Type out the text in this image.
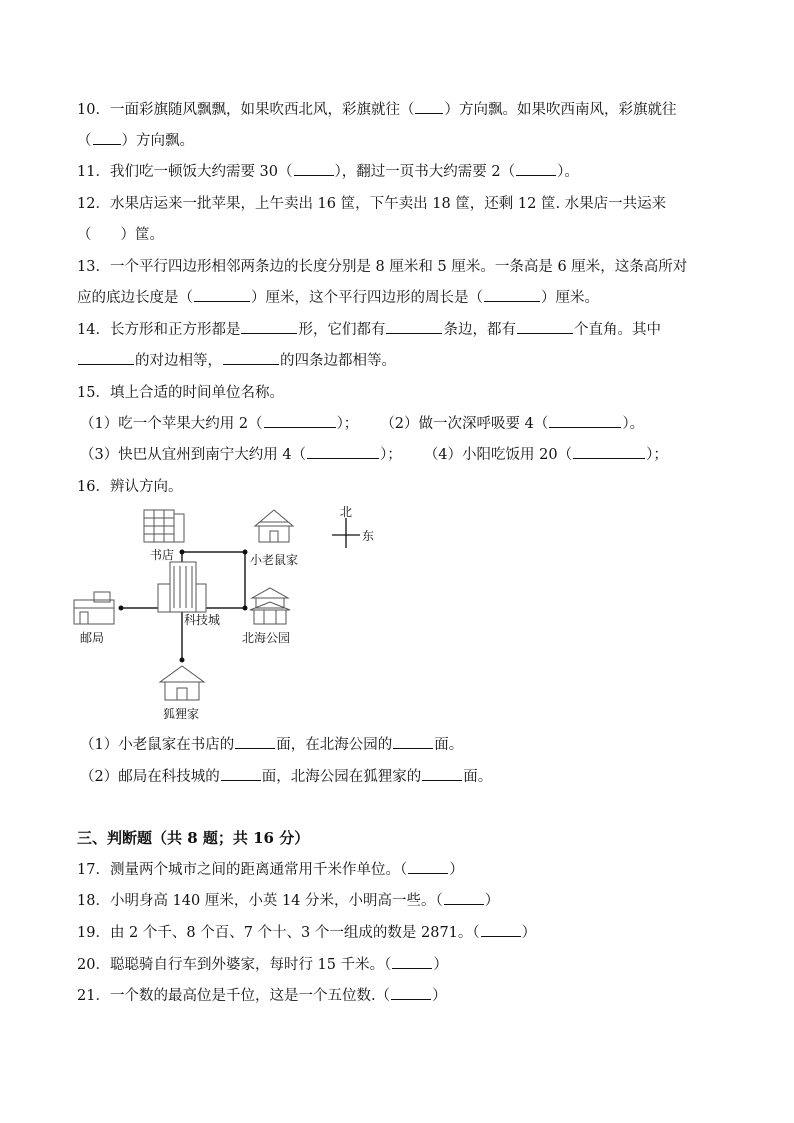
10．一面彩旗随风飘飘，如果吹西北风，彩旗就往（ ）方向飘。如果吹西南风，彩旗就往
（ ）方向飘。
11．我们吃一顿饭大约需要 30（	），翻过一页书大约需要 2（	）。
12．水果店运来一批苹果，上午卖出 16 筐，下午卖出 18 筐，还剩 12 筐. 水果店一共运来
（　　）筐。
13．一个平行四边形相邻两条边的长度分别是 8 厘米和 5 厘米。一条高是 6 厘米，这条高所对
应的底边长度是（	）厘米，这个平行四边形的周长是（	）厘米。
14．长方形和正方形都是	形，它们都有	条边，都有	个直角。其中
的对边相等，	的四条边都相等。
15．填上合适的时间单位名称。
（1）吃一个苹果大约用 2（	）； （2）做一次深呼吸要 4（	）。
（3）快巴从宜州到南宁大约用 4（	）； （4）小阳吃饭用 20（	）；
16．辨认方向。
书店	小老鼠家
北
东
科技城
邮局	北海公园
狐狸家
（1）小老鼠家在书店的	面，在北海公园的	面。
（2）邮局在科技城的	面，北海公园在狐狸家的	面。
三、判断题（共 8 题；共 16 分）
17．测量两个城市之间的距离通常用千米作单位。（	）
18．小明身高 140 厘米，小英 14 分米，小明高一些。（	）
19．由 2 个千、8 个百、7 个十、3 个一组成的数是 2871。（	）
20．聪聪骑自行车到外婆家，每时行 15 千米。（	）
21．一个数的最高位是千位，这是一个五位数.（	）
